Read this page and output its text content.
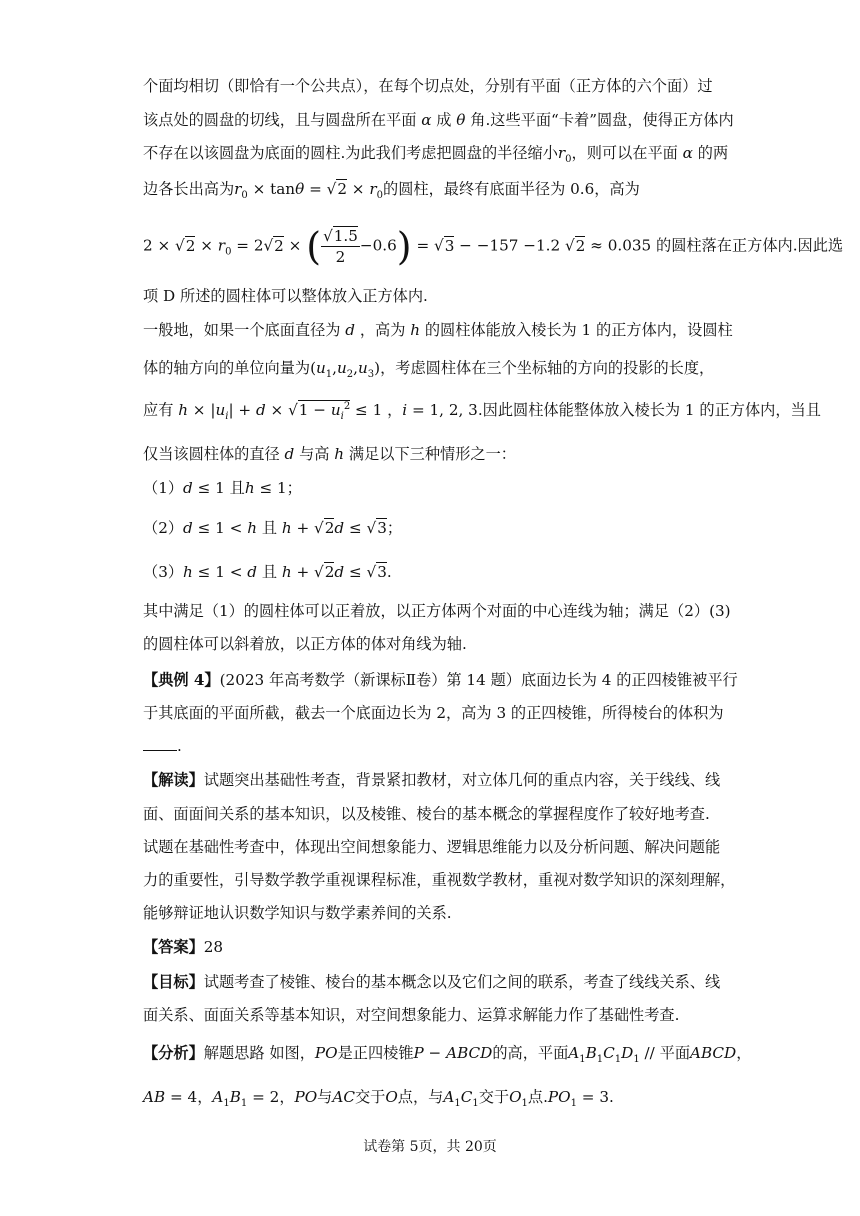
个面均相切（即恰有一个公共点），在每个切点处，分别有平面（正方体的六个面）过
该点处的圆盘的切线，且与圆盘所在平面 α 成 θ 角.这些平面“卡着”圆盘，使得正方体内
不存在以该圆盘为底面的圆柱.为此我们考虑把圆盘的半径缩小$r_0$，则可以在平面 α 的两
边各长出高为$r_0 \times \tan\theta = √2 \times r_0$的圆柱，最终有底面半径为 0.6，高为
$2 \times √2 \times r_0 = 2√2$ × ( $\frac{√1.5}{2} -0.6) = √3 - -157 -1.2$ √2 ≈ 0.035 的圆柱落在正方体内.因此选
项 D 所述的圆柱体可以整体放入正方体内.
一般地，如果一个底面直径为 d ，高为 h 的圆柱体能放入棱长为 1 的正方体内，设圆柱
体的轴方向的单位向量为$(u_1,u_2,u_3)$，考虑圆柱体在三个坐标轴的方向的投影的长度，
应有 $h \times |u_i| + d \times √1 - u_i^2 \le 1$ ，i = 1, 2, 3.因此圆柱体能整体放入棱长为 1 的正方体内，当且
仅当该圆柱体的直径 d 与高 h 满足以下三种情形之一：
（1）d ≤ 1 且h ≤ 1；
（2）d ≤ 1 < h 且 h + √2d ≤ √3；
（3）h ≤ 1 < d 且 h + √2d ≤ √3.
其中满足（1）的圆柱体可以正着放，以正方体两个对面的中心连线为轴；满足（2）(3)
的圆柱体可以斜着放，以正方体的体对角线为轴.
【典例 4】(2023 年高考数学（新课标Ⅱ卷）第 14 题）底面边长为 4 的正四棱锥被平行
于其底面的平面所截，截去一个底面边长为 2，高为 3 的正四棱锥，所得棱台的体积为
.
【解读】试题突出基础性考查，背景紧扣教材，对立体几何的重点内容，关于线线、线
面、面面间关系的基本知识，以及棱锥、棱台的基本概念的掌握程度作了较好地考查.
试题在基础性考查中，体现出空间想象能力、逻辑思维能力以及分析问题、解决问题能
力的重要性，引导数学教学重视课程标准，重视数学教材，重视对数学知识的深刻理解，
能够辩证地认识数学知识与数学素养间的关系.
【答案】28
【目标】试题考查了棱锥、棱台的基本概念以及它们之间的联系，考查了线线关系、线
面关系、面面关系等基本知识，对空间想象能力、运算求解能力作了基础性考查.
【分析】解题思路 如图，PO是正四棱锥P − ABCD的高，平面$A_1B_1C_1D_1$ // 平面ABCD，
AB = 4，$A_1B_1 = 2$，PO与AC交于O点，与$A_1C_1$交于$O_1$点$.PO_1 = 3$.
试卷第 5页，共 20页
